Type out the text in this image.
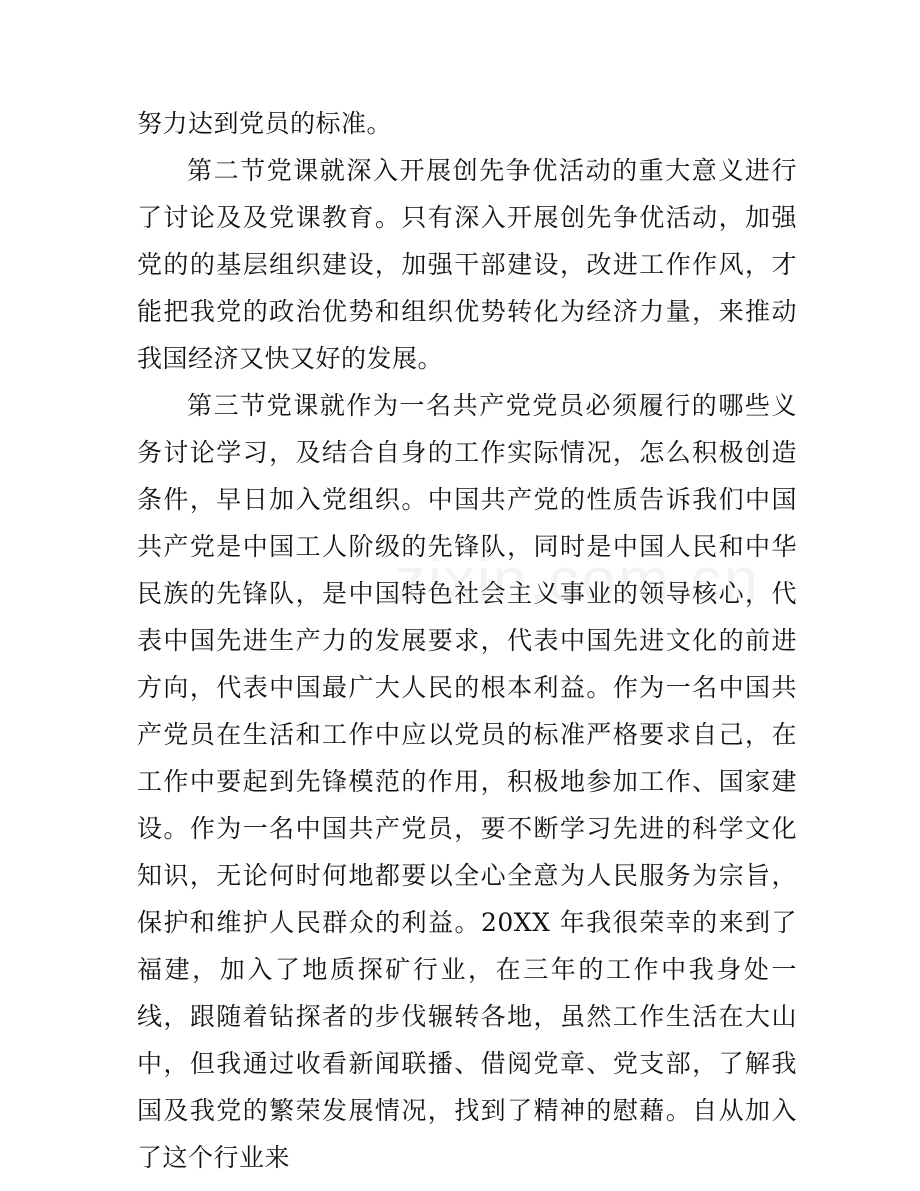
努力达到党员的标准。

第二节党课就深入开展创先争优活动的重大意义进行了讨论及及党课教育。只有深入开展创先争优活动，加强党的的基层组织建设，加强干部建设，改进工作作风，才能把我党的政治优势和组织优势转化为经济力量，来推动我国经济又快又好的发展。

第三节党课就作为一名共产党党员必须履行的哪些义务讨论学习，及结合自身的工作实际情况，怎么积极创造条件，早日加入党组织。中国共产党的性质告诉我们中国共产党是中国工人阶级的先锋队，同时是中国人民和中华民族的先锋队，是中国特色社会主义事业的领导核心，代表中国先进生产力的发展要求，代表中国先进文化的前进方向，代表中国最广大人民的根本利益。作为一名中国共产党员在生活和工作中应以党员的标准严格要求自己，在工作中要起到先锋模范的作用，积极地参加工作、国家建设。作为一名中国共产党员，要不断学习先进的科学文化知识，无论何时何地都要以全心全意为人民服务为宗旨，保护和维护人民群众的利益。20XX 年我很荣幸的来到了福建，加入了地质探矿行业，在三年的工作中我身处一线，跟随着钻探者的步伐辗转各地，虽然工作生活在大山中，但我通过收看新闻联播、借阅党章、党支部，了解我国及我党的繁荣发展情况，找到了精神的慰藉。自从加入了这个行业来
